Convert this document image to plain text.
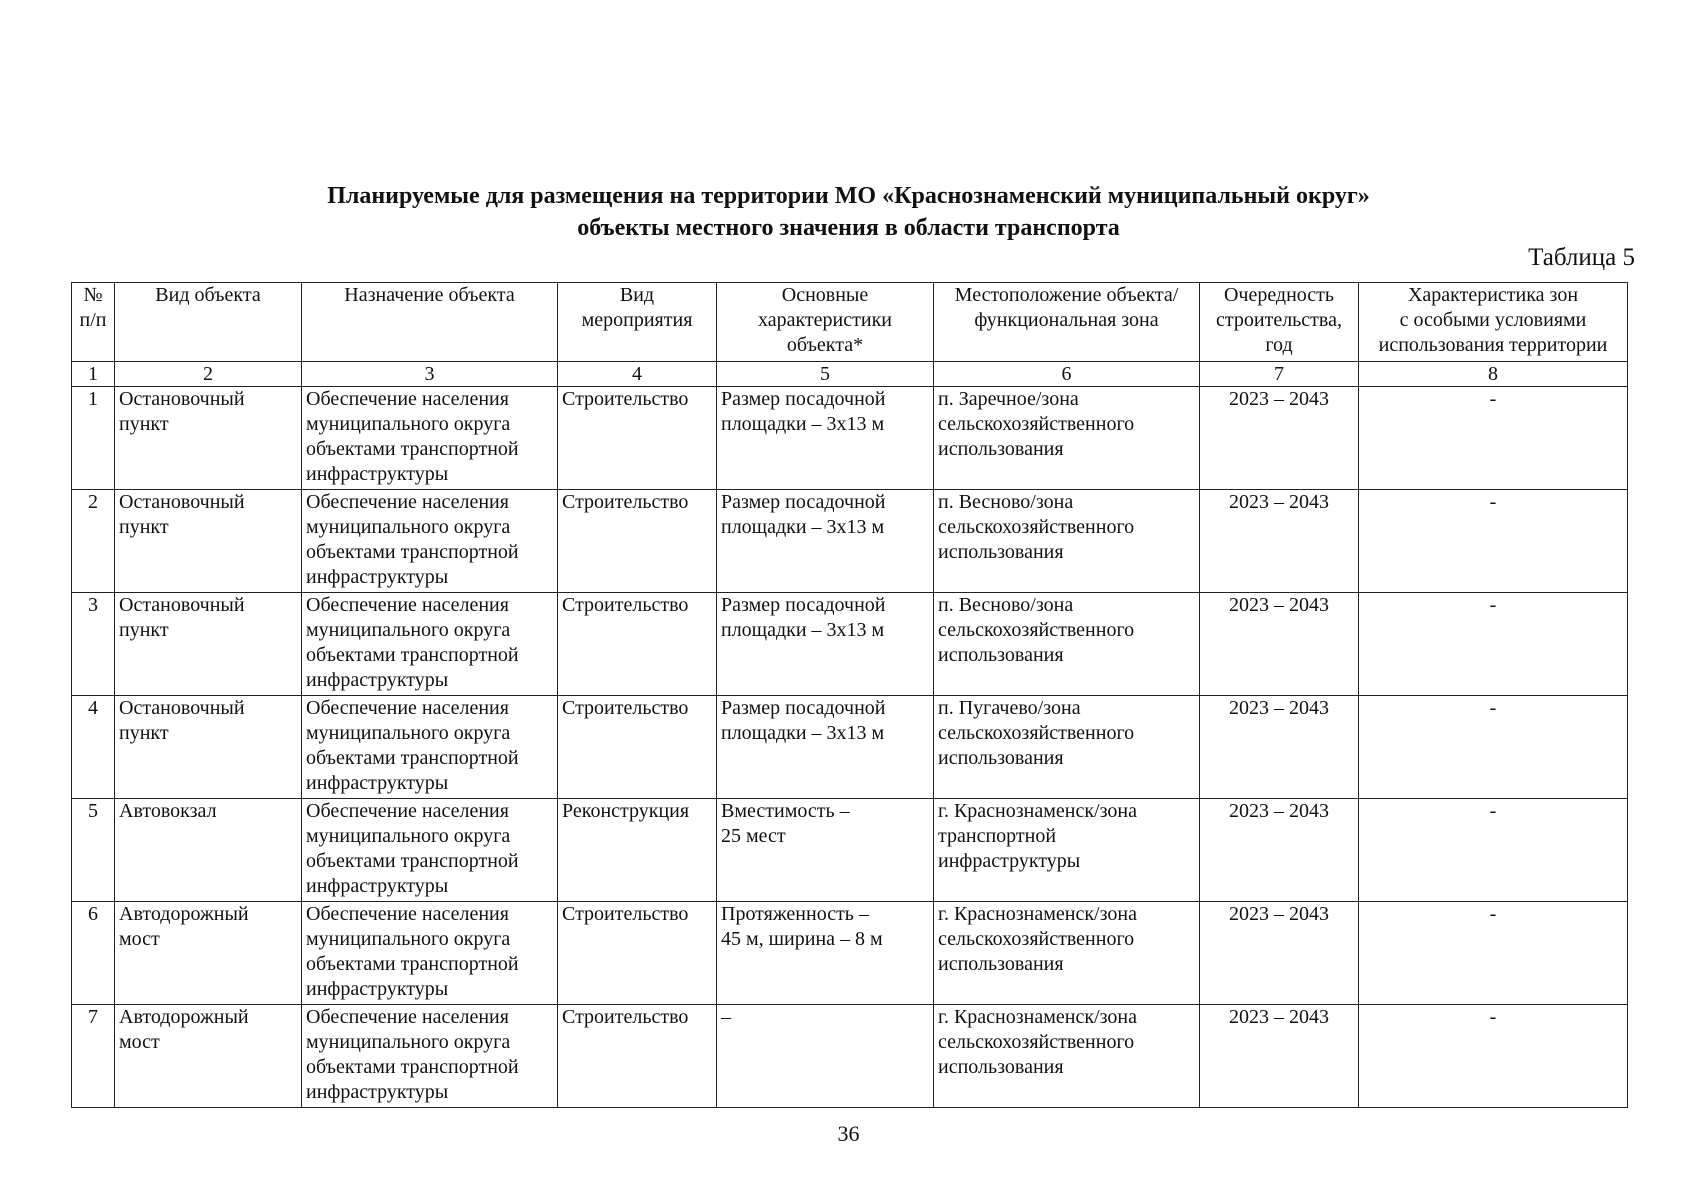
Планируемые для размещения на территории МО «Краснознаменский муниципальный округ»
объекты местного значения в области транспорта
Таблица 5
№
п/п	Вид объекта	Назначение объекта	Вид
мероприятия	Основные
характеристики
объекта*	Местоположение объекта/
функциональная зона	Очередность
строительства,
год	Характеристика зон
с особыми условиями
использования территории
1	2	3	4	5	6	7	8
1	Остановочный
пункт	Обеспечение населения
муниципального округа
объектами транспортной
инфраструктуры	Строительство	Размер посадочной
площадки – 3х13 м	п. Заречное/зона
сельскохозяйственного
использования	2023 – 2043	-
2	Остановочный
пункт	Обеспечение населения
муниципального округа
объектами транспортной
инфраструктуры	Строительство	Размер посадочной
площадки – 3х13 м	п. Весново/зона
сельскохозяйственного
использования	2023 – 2043	-
3	Остановочный
пункт	Обеспечение населения
муниципального округа
объектами транспортной
инфраструктуры	Строительство	Размер посадочной
площадки – 3х13 м	п. Весново/зона
сельскохозяйственного
использования	2023 – 2043	-
4	Остановочный
пункт	Обеспечение населения
муниципального округа
объектами транспортной
инфраструктуры	Строительство	Размер посадочной
площадки – 3х13 м	п. Пугачево/зона
сельскохозяйственного
использования	2023 – 2043	-
5	Автовокзал	Обеспечение населения
муниципального округа
объектами транспортной
инфраструктуры	Реконструкция	Вместимость –
25 мест	г. Краснознаменск/зона
транспортной
инфраструктуры	2023 – 2043	-
6	Автодорожный
мост	Обеспечение населения
муниципального округа
объектами транспортной
инфраструктуры	Строительство	Протяженность –
45 м, ширина – 8 м	г. Краснознаменск/зона
сельскохозяйственного
использования	2023 – 2043	-
7	Автодорожный
мост	Обеспечение населения
муниципального округа
объектами транспортной
инфраструктуры	Строительство	–	г. Краснознаменск/зона
сельскохозяйственного
использования	2023 – 2043	-
36
